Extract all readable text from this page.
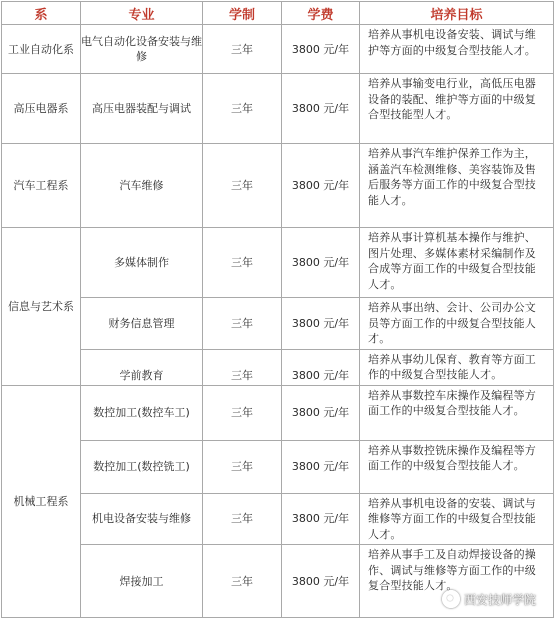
系	专业	学制	学费	培养目标
工业自动化系	电气自动化设备安装与维修	三年	3800 元/年	培养从事机电设备安装、调试与维护等方面的中级复合型技能人才。
高压电器系	高压电器装配与调试	三年	3800 元/年	培养从事输变电行业，高低压电器设备的装配、维护等方面的中级复合型技能型人才。
汽车工程系	汽车维修	三年	3800 元/年	培养从事汽车维护保养工作为主，涵盖汽车检测维修、美容装饰及售后服务等方面工作的中级复合型技能人才。
信息与艺术系	多媒体制作	三年	3800 元/年	培养从事计算机基本操作与维护、图片处理、多媒体素材采编制作及合成等方面工作的中级复合型技能人才。
	财务信息管理	三年	3800 元/年	培养从事出纳、会计、公司办公文员等方面工作的中级复合型技能人才。
	学前教育	三年	3800 元/年	培养从事幼儿保育、教育等方面工作的中级复合型技能人才。
机械工程系	数控加工(数控车工)	三年	3800 元/年	培养从事数控车床操作及编程等方面工作的中级复合型技能人才。
	数控加工(数控铣工)	三年	3800 元/年	培养从事数控铣床操作及编程等方面工作的中级复合型技能人才。
	机电设备安装与维修	三年	3800 元/年	培养从事机电设备的安装、调试与维修等方面工作的中级复合型技能人才。
	焊接加工	三年	3800 元/年	培养从事手工及自动焊接设备的操作、调试与维修等方面工作的中级复合型技能人才。
西安技师学院
